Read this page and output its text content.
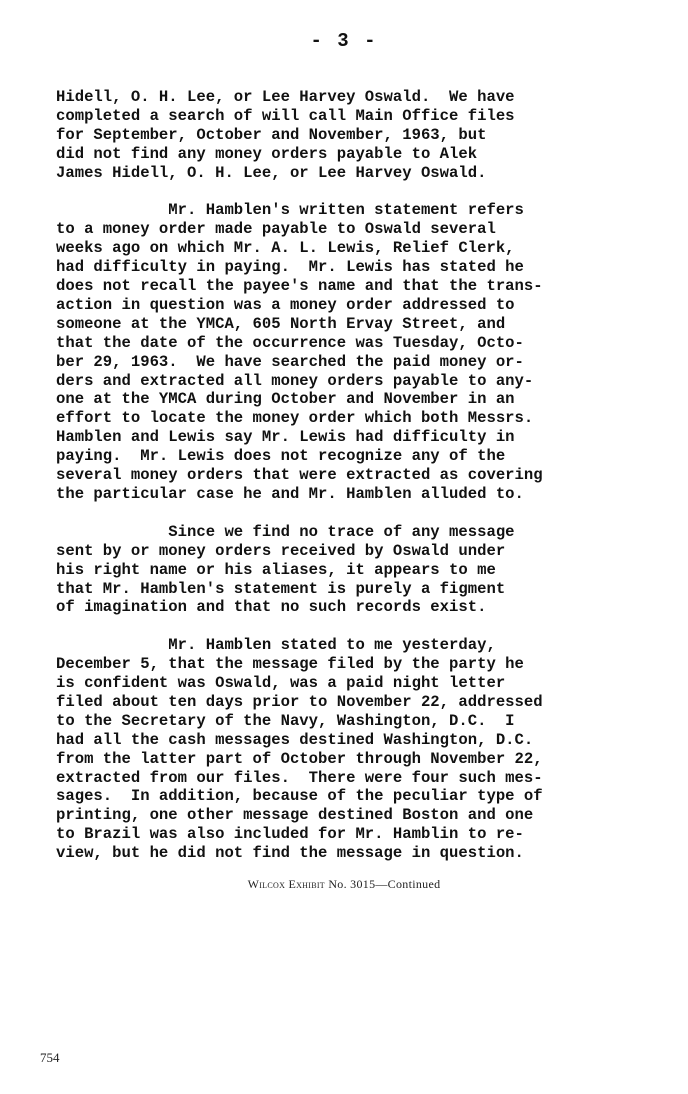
- 3 -
Hidell, O. H. Lee, or Lee Harvey Oswald.  We have
completed a search of will call Main Office files
for September, October and November, 1963, but
did not find any money orders payable to Alek
James Hidell, O. H. Lee, or Lee Harvey Oswald.
Mr. Hamblen's written statement refers
to a money order made payable to Oswald several
weeks ago on which Mr. A. L. Lewis, Relief Clerk,
had difficulty in paying.  Mr. Lewis has stated he
does not recall the payee's name and that the trans-
action in question was a money order addressed to
someone at the YMCA, 605 North Ervay Street, and
that the date of the occurrence was Tuesday, Octo-
ber 29, 1963.  We have searched the paid money or-
ders and extracted all money orders payable to any-
one at the YMCA during October and November in an
effort to locate the money order which both Messrs.
Hamblen and Lewis say Mr. Lewis had difficulty in
paying.  Mr. Lewis does not recognize any of the
several money orders that were extracted as covering
the particular case he and Mr. Hamblen alluded to.
Since we find no trace of any message
sent by or money orders received by Oswald under
his right name or his aliases, it appears to me
that Mr. Hamblen's statement is purely a figment
of imagination and that no such records exist.
Mr. Hamblen stated to me yesterday,
December 5, that the message filed by the party he
is confident was Oswald, was a paid night letter
filed about ten days prior to November 22, addressed
to the Secretary of the Navy, Washington, D.C.  I
had all the cash messages destined Washington, D.C.
from the latter part of October through November 22,
extracted from our files.  There were four such mes-
sages.  In addition, because of the peculiar type of
printing, one other message destined Boston and one
to Brazil was also included for Mr. Hamblin to re-
view, but he did not find the message in question.
Wilcox Exhibit No. 3015—Continued
754
